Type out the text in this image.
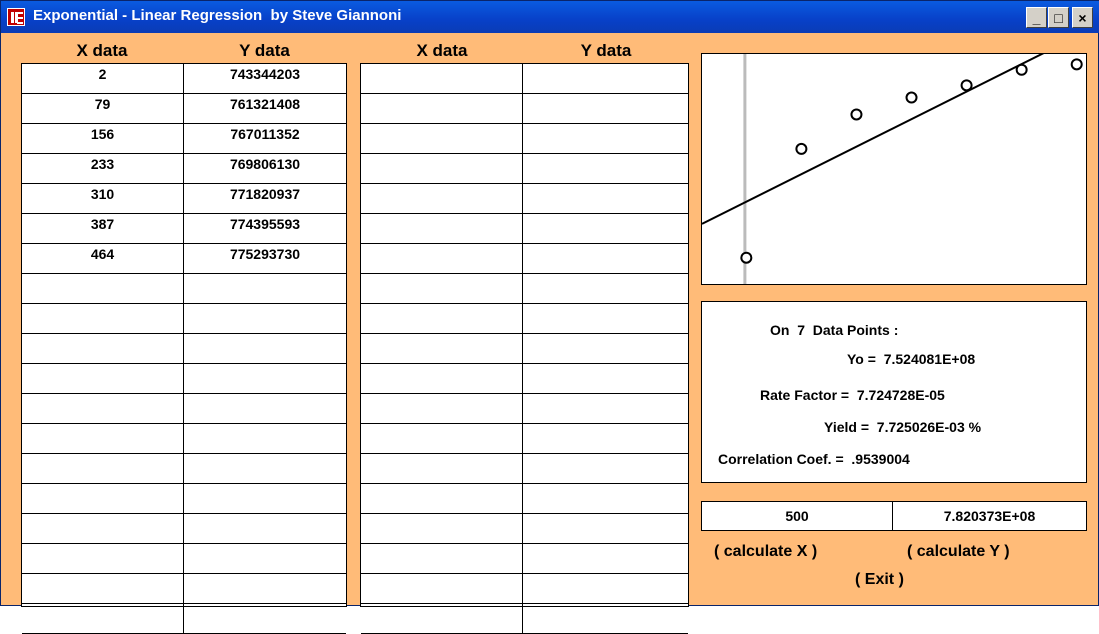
Exponential - Linear Regression  by Steve Giannoni	_ □ ×
X data	Y data	X data	Y data
2	743344203
79	761321408
156	767011352
233	769806130
310	771820937
387	774395593
464	775293730
On  7  Data Points :
Yo =  7.524081E+08
Rate Factor =  7.724728E-05
Yield =  7.725026E-03 %
Correlation Coef. =  .9539004
500	7.820373E+08
( calculate X )	( calculate Y )
( Exit )
